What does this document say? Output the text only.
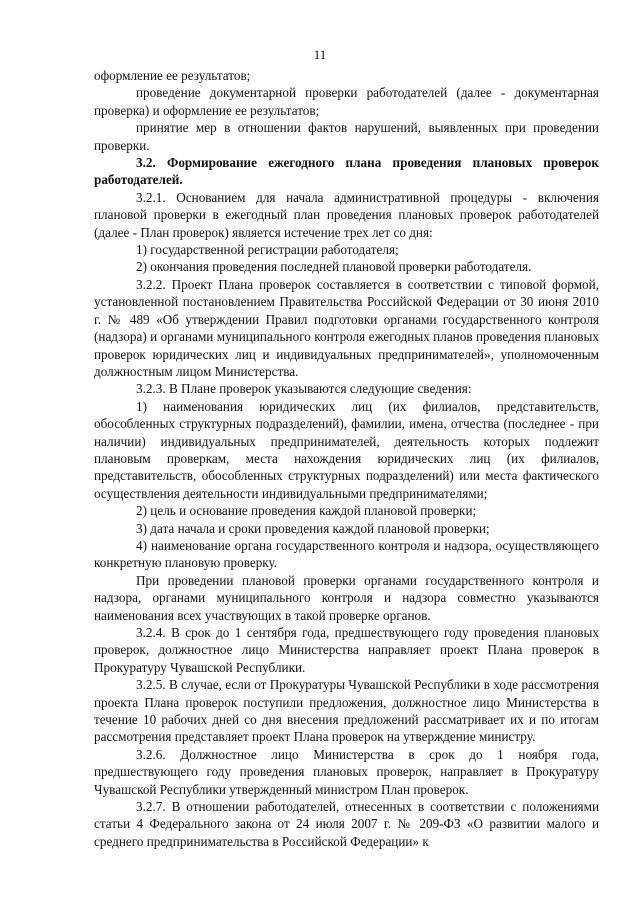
11

оформление ее результатов;

проведение документарной проверки работодателей (далее - документарная проверка) и оформление ее результатов;

принятие мер в отношении фактов нарушений, выявленных при проведении проверки.

3.2. Формирование ежегодного плана проведения плановых проверок работодателей.

3.2.1. Основанием для начала административной процедуры - включения плановой проверки в ежегодный план проведения плановых проверок работодателей (далее - План проверок) является истечение трех лет со дня:

1) государственной регистрации работодателя;

2) окончания проведения последней плановой проверки работодателя.

3.2.2. Проект Плана проверок составляется в соответствии с типовой формой, установленной постановлением Правительства Российской Федерации от 30 июня 2010 г. № 489 «Об утверждении Правил подготовки органами государственного контроля (надзора) и органами муниципального контроля ежегодных планов проведения плановых проверок юридических лиц и индивидуальных предпринимателей», уполномоченным должностным лицом Министерства.

3.2.3. В Плане проверок указываются следующие сведения:

1) наименования юридических лиц (их филиалов, представительств, обособленных структурных подразделений), фамилии, имена, отчества (последнее - при наличии) индивидуальных предпринимателей, деятельность которых подлежит плановым проверкам, места нахождения юридических лиц (их филиалов, представительств, обособленных структурных подразделений) или места фактического осуществления деятельности индивидуальными предпринимателями;

2) цель и основание проведения каждой плановой проверки;

3) дата начала и сроки проведения каждой плановой проверки;

4) наименование органа государственного контроля и надзора, осуществляющего конкретную плановую проверку.

При проведении плановой проверки органами государственного контроля и надзора, органами муниципального контроля и надзора совместно указываются наименования всех участвующих в такой проверке органов.

3.2.4. В срок до 1 сентября года, предшествующего году проведения плановых проверок, должностное лицо Министерства направляет проект Плана проверок в Прокуратуру Чувашской Республики.

3.2.5. В случае, если от Прокуратуры Чувашской Республики в ходе рассмотрения проекта Плана проверок поступили предложения, должностное лицо Министерства в течение 10 рабочих дней со дня внесения предложений рассматривает их и по итогам рассмотрения представляет проект Плана проверок на утверждение министру.

3.2.6. Должностное лицо Министерства в срок до 1 ноября года, предшествующего году проведения плановых проверок, направляет в Прокуратуру Чувашской Республики утвержденный министром План проверок.

3.2.7. В отношении работодателей, отнесенных в соответствии с положениями статьи 4 Федерального закона от 24 июля 2007 г. № 209-ФЗ «О развитии малого и среднего предпринимательства в Российской Федерации» к
